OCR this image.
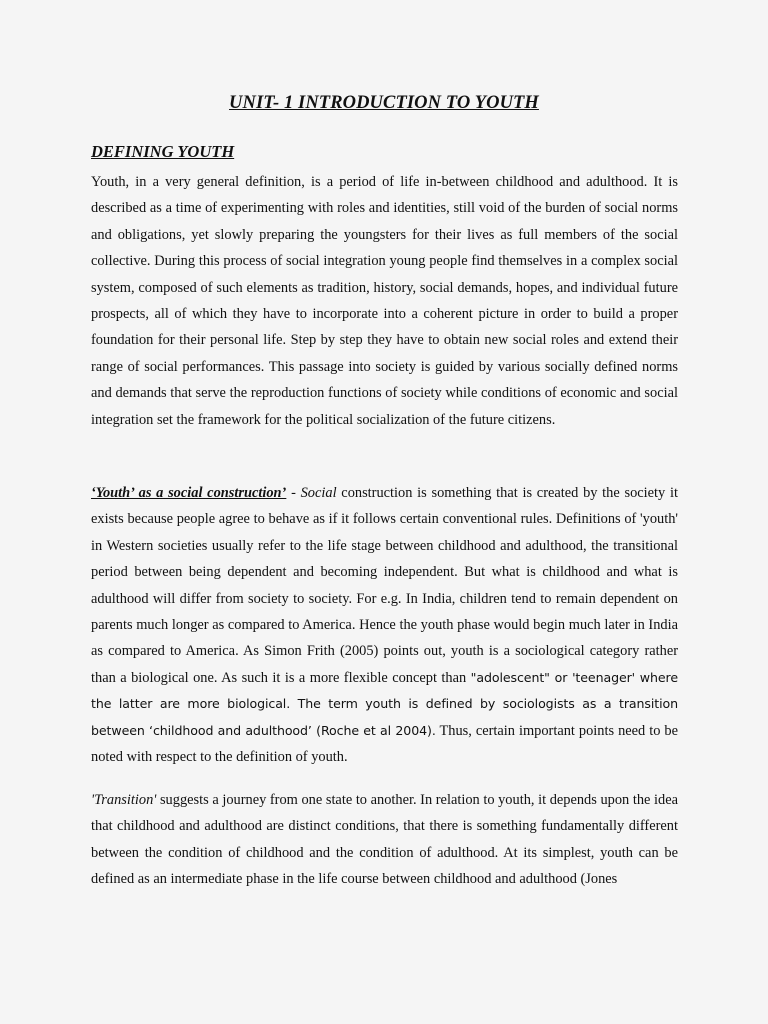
UNIT- 1 INTRODUCTION TO YOUTH
DEFINING YOUTH

Youth, in a very general definition, is a period of life in-between childhood and adulthood. It is described as a time of experimenting with roles and identities, still void of the burden of social norms and obligations, yet slowly preparing the youngsters for their lives as full members of the social collective. During this process of social integration young people find themselves in a complex social system, composed of such elements as tradition, history, social demands, hopes, and individual future prospects, all of which they have to incorporate into a coherent picture in order to build a proper foundation for their personal life. Step by step they have to obtain new social roles and extend their range of social performances. This passage into society is guided by various socially defined norms and demands that serve the reproduction functions of society while conditions of economic and social integration set the framework for the political socialization of the future citizens.

‘Youth’ as a social construction’ - Social construction is something that is created by the society it exists because people agree to behave as if it follows certain conventional rules. Definitions of 'youth' in Western societies usually refer to the life stage between childhood and adulthood, the transitional period between being dependent and becoming independent. But what is childhood and what is adulthood will differ from society to society. For e.g. In India, children tend to remain dependent on parents much longer as compared to America. Hence the youth phase would begin much later in India as compared to America. As Simon Frith (2005) points out, youth is a sociological category rather than a biological one. As such it is a more flexible concept than "adolescent" or 'teenager' where the latter are more biological. The term youth is defined by sociologists as a transition between ‘childhood and adulthood’ (Roche et al 2004). Thus, certain important points need to be noted with respect to the definition of youth.

'Transition' suggests a journey from one state to another. In relation to youth, it depends upon the idea that childhood and adulthood are distinct conditions, that there is something fundamentally different between the condition of childhood and the condition of adulthood. At its simplest, youth can be defined as an intermediate phase in the life course between childhood and adulthood (Jones
